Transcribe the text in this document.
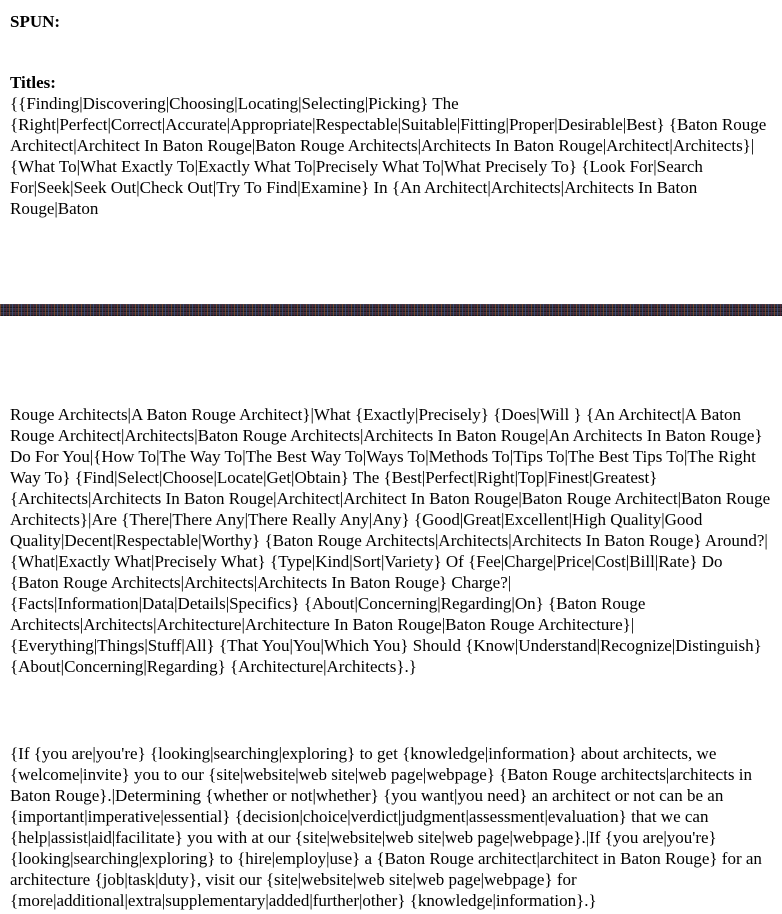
SPUN:
Titles:

{{Finding|Discovering|Choosing|Locating|Selecting|Picking} The {Right|Perfect|Correct|Accurate|Appropriate|Respectable|Suitable|Fitting|Proper|Desirable|Best} {Baton Rouge Architect|Architect In Baton Rouge|Baton Rouge Architects|Architects In Baton Rouge|Architect|Architects}|{What To|What Exactly To|Exactly What To|Precisely What To|What Precisely To} {Look For|Search For|Seek|Seek Out|Check Out|Try To Find|Examine} In {An Architect|Architects|Architects In Baton Rouge|Baton

Rouge Architects|A Baton Rouge Architect}|What {Exactly|Precisely} {Does|Will } {An Architect|A Baton Rouge Architect|Architects|Baton Rouge Architects|Architects In Baton Rouge|An Architects In Baton Rouge} Do For You|{How To|The Way To|The Best Way To|Ways To|Methods To|Tips To|The Best Tips To|The Right Way To} {Find|Select|Choose|Locate|Get|Obtain} The {Best|Perfect|Right|Top|Finest|Greatest} {Architects|Architects In Baton Rouge|Architect|Architect In Baton Rouge|Baton Rouge Architect|Baton Rouge Architects}|Are {There|There Any|There Really Any|Any} {Good|Great|Excellent|High Quality|Good Quality|Decent|Respectable|Worthy} {Baton Rouge Architects|Architects|Architects In Baton Rouge} Around?|{What|Exactly What|Precisely What} {Type|Kind|Sort|Variety} Of {Fee|Charge|Price|Cost|Bill|Rate} Do {Baton Rouge Architects|Architects|Architects In Baton Rouge} Charge?|{Facts|Information|Data|Details|Specifics} {About|Concerning|Regarding|On} {Baton Rouge Architects|Architects|Architecture|Architecture In Baton Rouge|Baton Rouge Architecture}|{Everything|Things|Stuff|All} {That You|You|Which You} Should {Know|Understand|Recognize|Distinguish} {About|Concerning|Regarding} {Architecture|Architects}.}

{If {you are|you're} {looking|searching|exploring} to get {knowledge|information} about architects, we {welcome|invite} you to our {site|website|web site|web page|webpage} {Baton Rouge architects|architects in Baton Rouge}.|Determining {whether or not|whether} {you want|you need} an architect or not can be an {important|imperative|essential} {decision|choice|verdict|judgment|assessment|evaluation} that we can {help|assist|aid|facilitate} you with at our {site|website|web site|web page|webpage}.|If {you are|you're} {looking|searching|exploring} to {hire|employ|use} a {Baton Rouge architect|architect in Baton Rouge} for an architecture {job|task|duty}, visit our {site|website|web site|web page|webpage} for {more|additional|extra|supplementary|added|further|other} {knowledge|information}.}
